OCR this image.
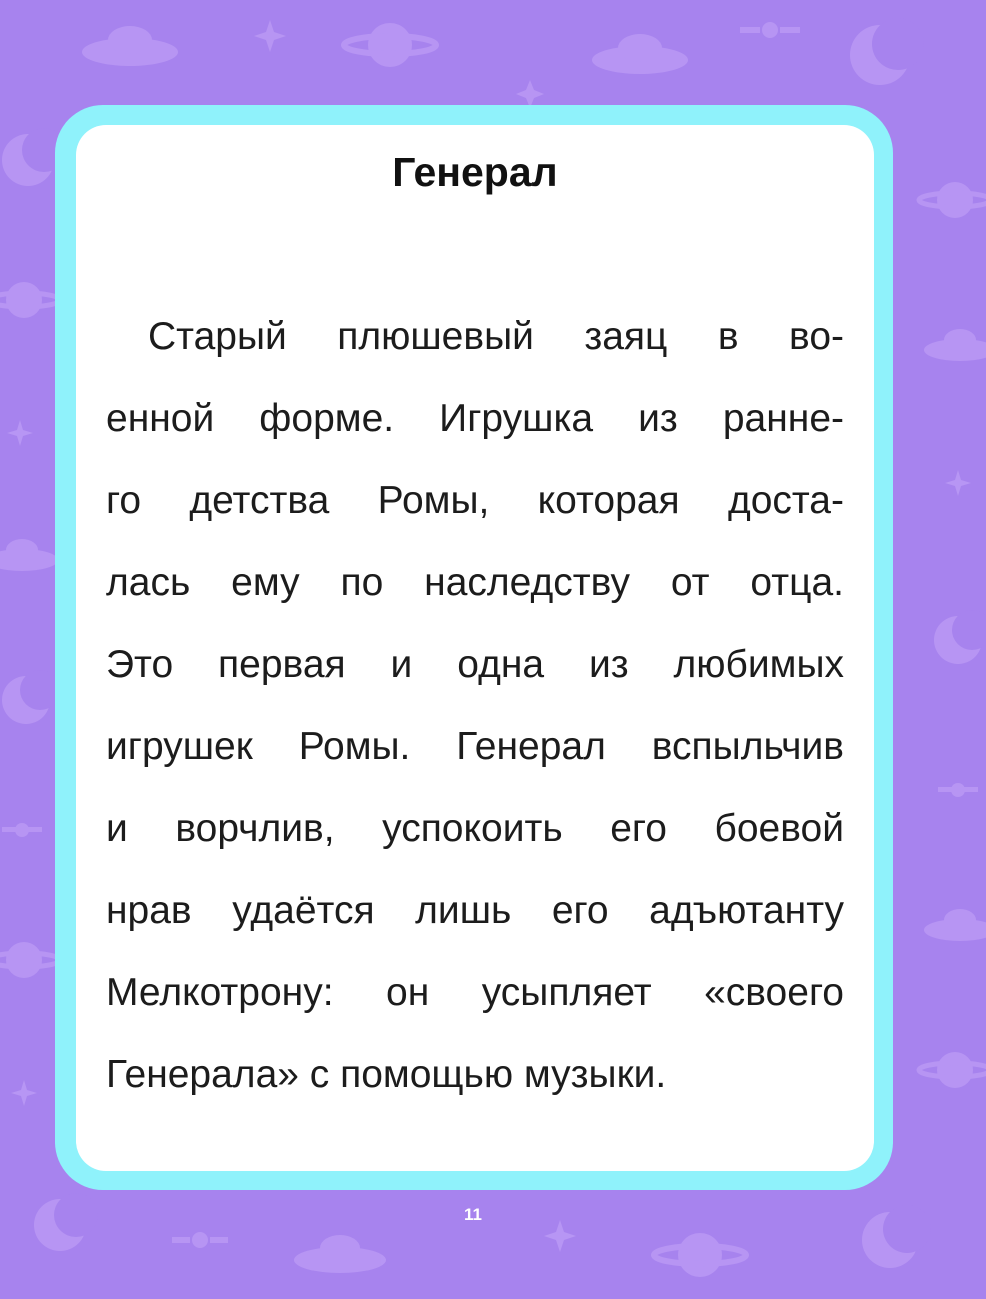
Генерал
Старый плюшевый заяц в во-
енной форме. Игрушка из ранне-
го детства Ромы, которая доста-
лась ему по наследству от отца.
Это первая и одна из любимых
игрушек Ромы. Генерал вспыльчив
и ворчлив, успокоить его боевой
нрав удаётся лишь его адъютанту
Мелкотрону: он усыпляет «своего
Генерала» с помощью музыки.
11
